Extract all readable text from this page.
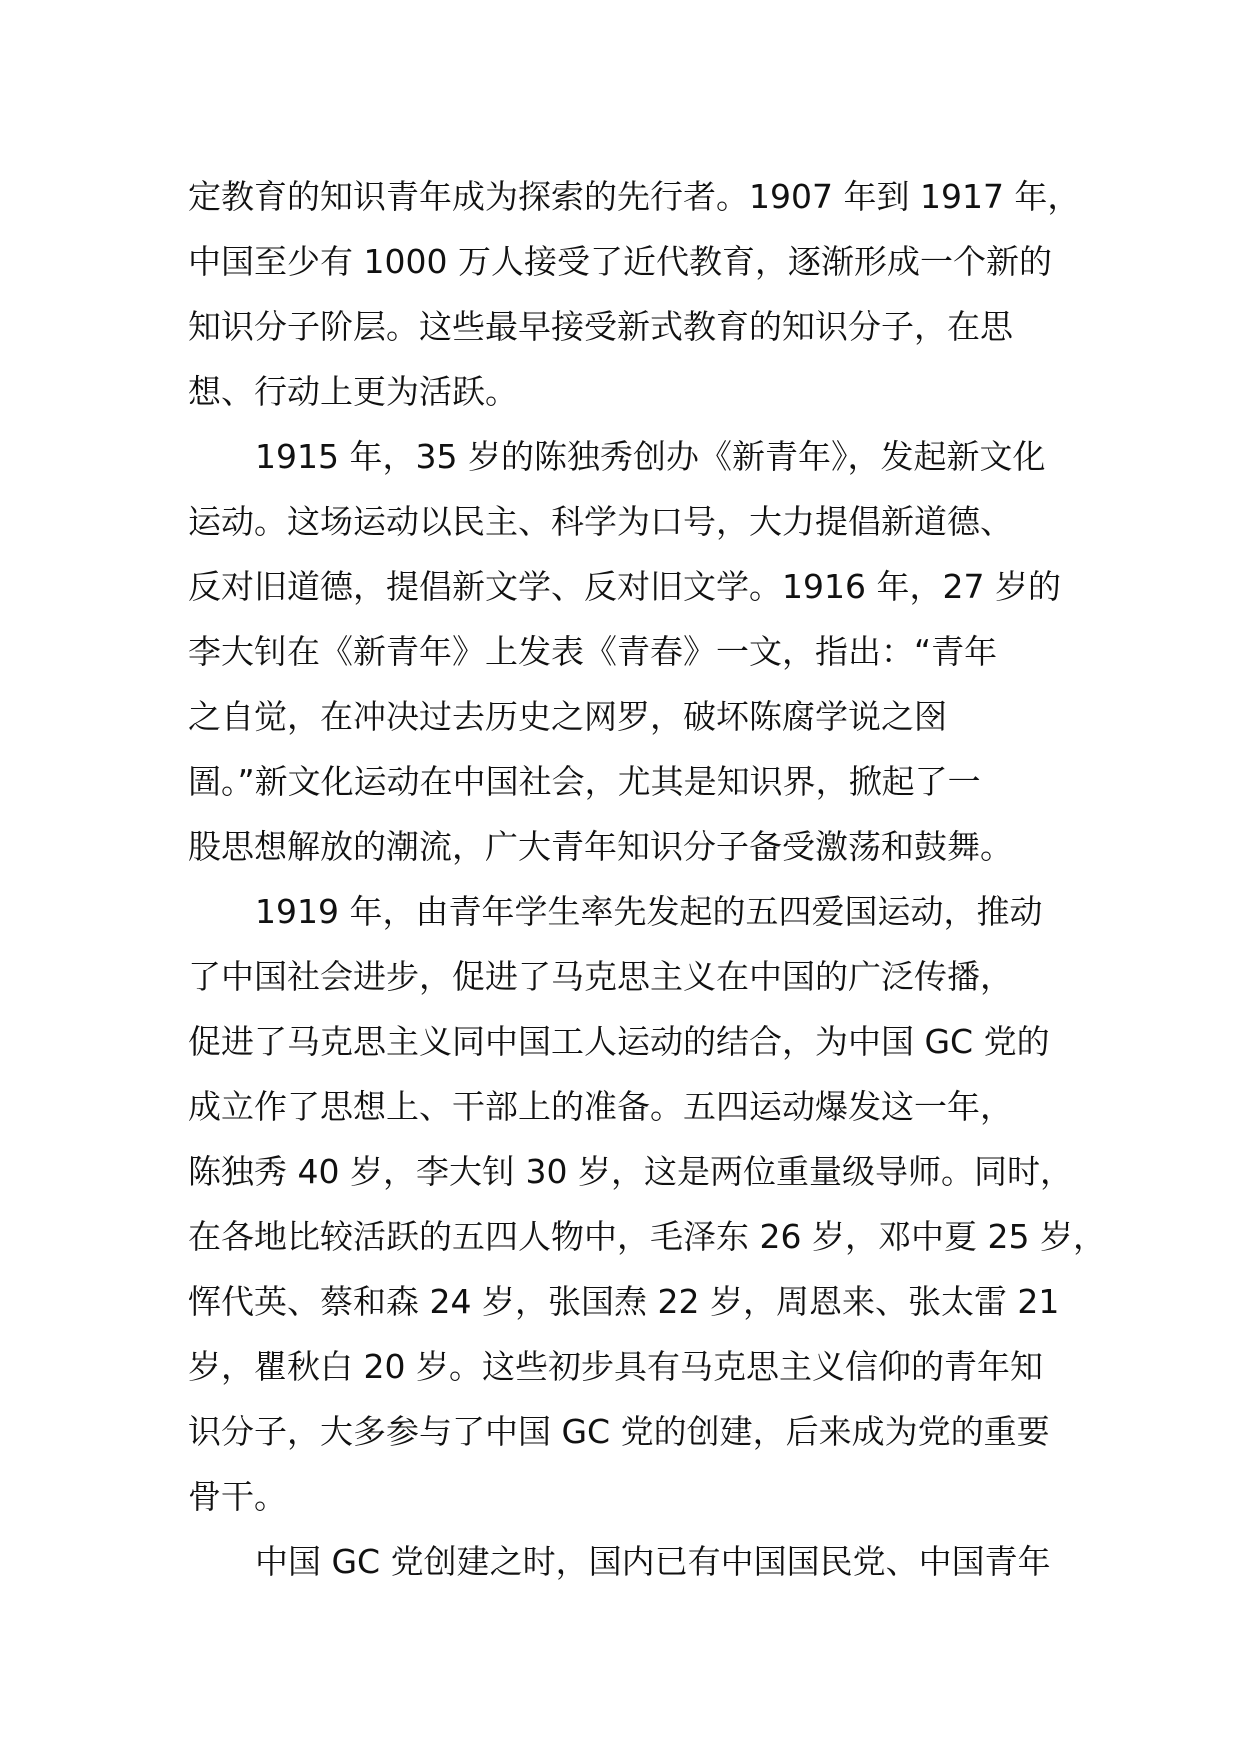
定教育的知识青年成为探索的先行者。1907 年到 1917 年，
中国至少有 1000 万人接受了近代教育，逐渐形成一个新的
知识分子阶层。这些最早接受新式教育的知识分子，在思
想、行动上更为活跃。
1915 年，35 岁的陈独秀创办《新青年》，发起新文化
运动。这场运动以民主、科学为口号，大力提倡新道德、
反对旧道德，提倡新文学、反对旧文学。1916 年，27 岁的
李大钊在《新青年》上发表《青春》一文，指出：“青年
之自觉，在冲决过去历史之网罗，破坏陈腐学说之囹
圄。”新文化运动在中国社会，尤其是知识界，掀起了一
股思想解放的潮流，广大青年知识分子备受激荡和鼓舞。
1919 年，由青年学生率先发起的五四爱国运动，推动
了中国社会进步，促进了马克思主义在中国的广泛传播，
促进了马克思主义同中国工人运动的结合，为中国 GC 党的
成立作了思想上、干部上的准备。五四运动爆发这一年，
陈独秀 40 岁，李大钊 30 岁，这是两位重量级导师。同时，
在各地比较活跃的五四人物中，毛泽东 26 岁，邓中夏 25 岁，
恽代英、蔡和森 24 岁，张国焘 22 岁，周恩来、张太雷 21
岁，瞿秋白 20 岁。这些初步具有马克思主义信仰的青年知
识分子，大多参与了中国 GC 党的创建，后来成为党的重要
骨干。
中国 GC 党创建之时，国内已有中国国民党、中国青年
